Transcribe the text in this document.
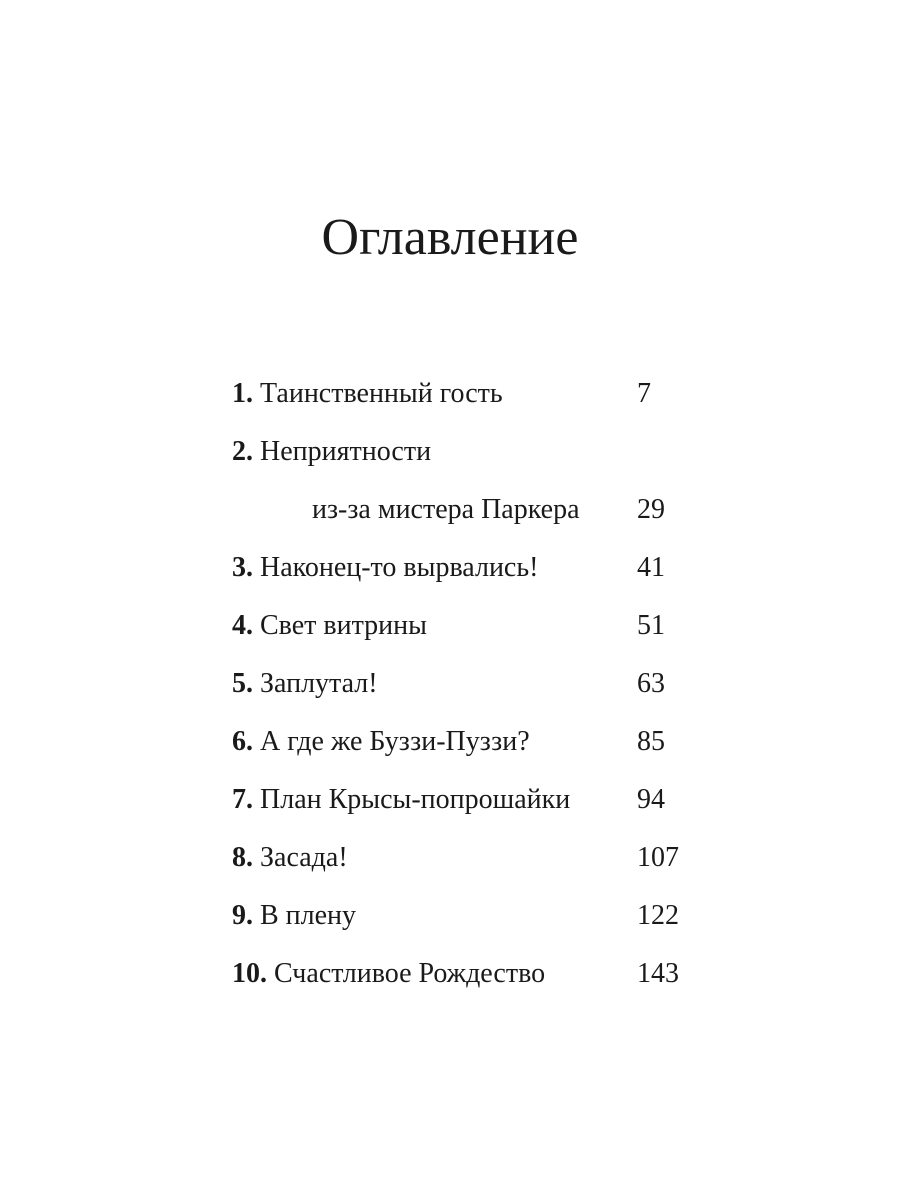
Оглавление
1. Таинственный гость	7
2. Неприятности
из-за мистера Паркера 29
3. Наконец-то вырвались!	41
4. Свет витрины	51
5. Заплутал!	63
6. А где же Буззи-Пуззи?	85
7. План Крысы-попрошайки 94
8. Засада!	107
9. В плену	122
10. Счастливое Рождество	143
